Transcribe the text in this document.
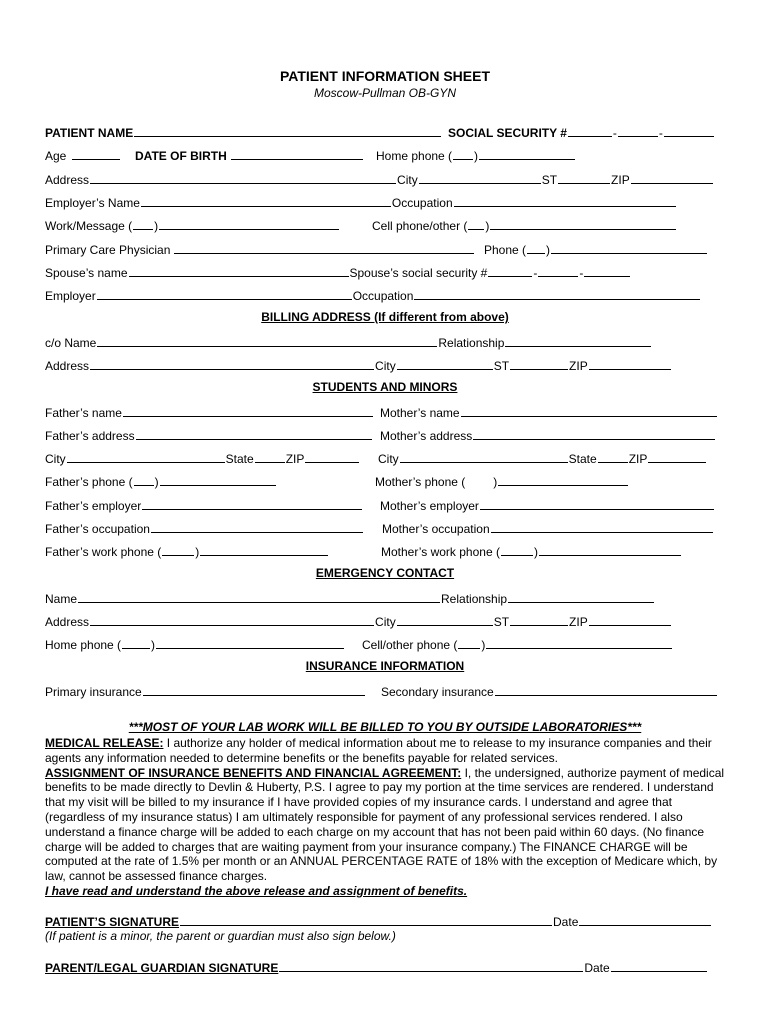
PATIENT INFORMATION SHEET
Moscow-Pullman OB-GYN
PATIENT NAME	SOCIAL SECURITY #	-	-
Age	DATE OF BIRTH	Home phone ( )
Address	City	ST	ZIP
Employer’s Name	Occupation
Work/Message ( )	Cell phone/other ( )
Primary Care Physician	Phone ( )
Spouse’s name	Spouse’s social security #	-	-
Employer	Occupation
BILLING ADDRESS (If different from above)
c/o Name	Relationship
Address	City	ST	ZIP
STUDENTS AND MINORS
Father’s name	Mother’s name
Father’s address	Mother’s address
City	State	ZIP	City	State	ZIP
Father’s phone ( )	Mother’s phone ( )
Father’s employer	Mother’s employer
Father’s occupation	Mother’s occupation
Father’s work phone (	)	Mother’s work phone (	)
EMERGENCY CONTACT
Name	Relationship
Address	City	ST	ZIP
Home phone (	)	Cell/other phone ( )
INSURANCE INFORMATION
Primary insurance	Secondary insurance
***MOST OF YOUR LAB WORK WILL BE BILLED TO YOU BY OUTSIDE LABORATORIES***

MEDICAL RELEASE: I authorize any holder of medical information about me to release to my insurance companies and their agents any information needed to determine benefits or the benefits payable for related services.

ASSIGNMENT OF INSURANCE BENEFITS AND FINANCIAL AGREEMENT: I, the undersigned, authorize payment of medical benefits to be made directly to Devlin & Huberty, P.S. I agree to pay my portion at the time services are rendered. I understand that my visit will be billed to my insurance if I have provided copies of my insurance cards. I understand and agree that (regardless of my insurance status) I am ultimately responsible for payment of any professional services rendered. I also understand a finance charge will be added to each charge on my account that has not been paid within 60 days. (No finance charge will be added to charges that are waiting payment from your insurance company.) The FINANCE CHARGE will be computed at the rate of 1.5% per month or an ANNUAL PERCENTAGE RATE of 18% with the exception of Medicare which, by law, cannot be assessed finance charges.

I have read and understand the above release and assignment of benefits.

PATIENT’S SIGNATURE	Date
(If patient is a minor, the parent or guardian must also sign below.)
PARENT/LEGAL GUARDIAN SIGNATURE	Date
